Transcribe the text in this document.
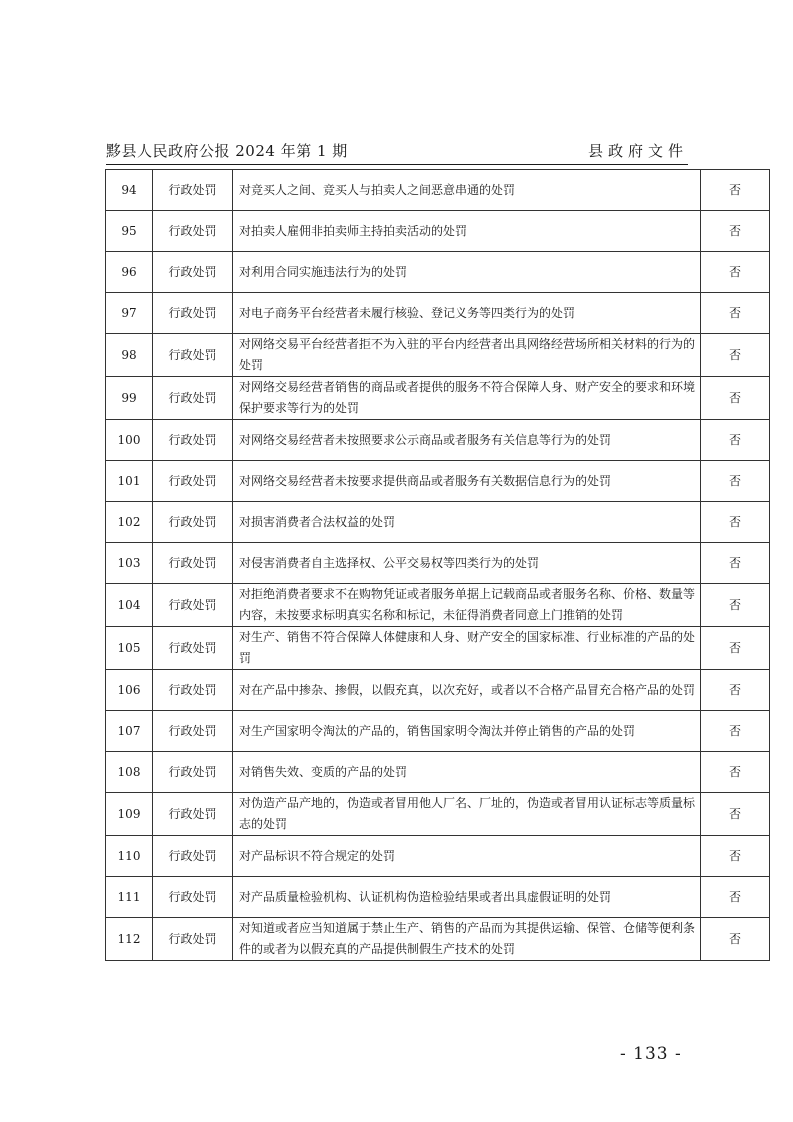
黟县人民政府公报 2024 年第 1 期	县政府文件
94	行政处罚	对竞买人之间、竞买人与拍卖人之间恶意串通的处罚	否
95	行政处罚	对拍卖人雇佣非拍卖师主持拍卖活动的处罚	否
96	行政处罚	对利用合同实施违法行为的处罚	否
97	行政处罚	对电子商务平台经营者未履行核验、登记义务等四类行为的处罚	否
98	行政处罚	对网络交易平台经营者拒不为入驻的平台内经营者出具网络经营场所相关材料的行为的处罚	否
99	行政处罚	对网络交易经营者销售的商品或者提供的服务不符合保障人身、财产安全的要求和环境保护要求等行为的处罚	否
100	行政处罚	对网络交易经营者未按照要求公示商品或者服务有关信息等行为的处罚	否
101	行政处罚	对网络交易经营者未按要求提供商品或者服务有关数据信息行为的处罚	否
102	行政处罚	对损害消费者合法权益的处罚	否
103	行政处罚	对侵害消费者自主选择权、公平交易权等四类行为的处罚	否
104	行政处罚	对拒绝消费者要求不在购物凭证或者服务单据上记载商品或者服务名称、价格、数量等内容，未按要求标明真实名称和标记，未征得消费者同意上门推销的处罚	否
105	行政处罚	对生产、销售不符合保障人体健康和人身、财产安全的国家标准、行业标准的产品的处罚	否
106	行政处罚	对在产品中掺杂、掺假，以假充真，以次充好，或者以不合格产品冒充合格产品的处罚	否
107	行政处罚	对生产国家明令淘汰的产品的，销售国家明令淘汰并停止销售的产品的处罚	否
108	行政处罚	对销售失效、变质的产品的处罚	否
109	行政处罚	对伪造产品产地的，伪造或者冒用他人厂名、厂址的，伪造或者冒用认证标志等质量标志的处罚	否
110	行政处罚	对产品标识不符合规定的处罚	否
111	行政处罚	对产品质量检验机构、认证机构伪造检验结果或者出具虚假证明的处罚	否
112	行政处罚	对知道或者应当知道属于禁止生产、销售的产品而为其提供运输、保管、仓储等便利条件的或者为以假充真的产品提供制假生产技术的处罚	否
- 133 -
